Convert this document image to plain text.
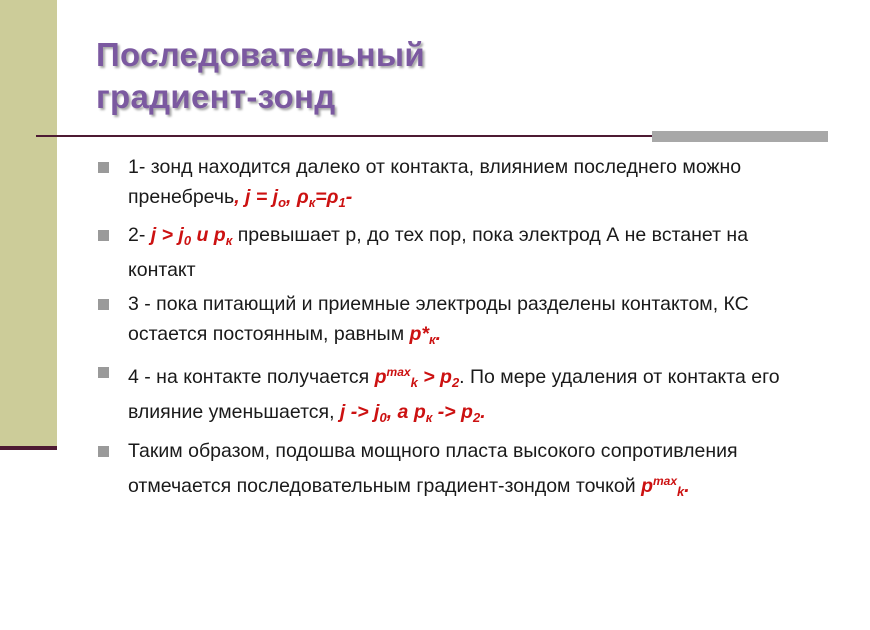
Последовательный
градиент-зонд
1- зонд находится далеко от контакта, влиянием последнего можно пренебречь, $j = j_о$, $\rho_к=\rho_1-$
2- $j > j_0$ и $p_к$ превышает p, до тех пор, пока электрод А не встанет на контакт
3 - пока питающий и приемные электроды разделены контактом, КС остается постоянным, равным $p*_к$.
4 - на контакте получается $p^{max}_k > p_2$. По мере удаления от контакта его влияние уменьшается, $j -> j_0$, а $p_к -> p_2$.
Таким образом, подошва мощного пласта высокого сопротивления отмечается последовательным градиент-зондом точкой $p^{max}_k$.
